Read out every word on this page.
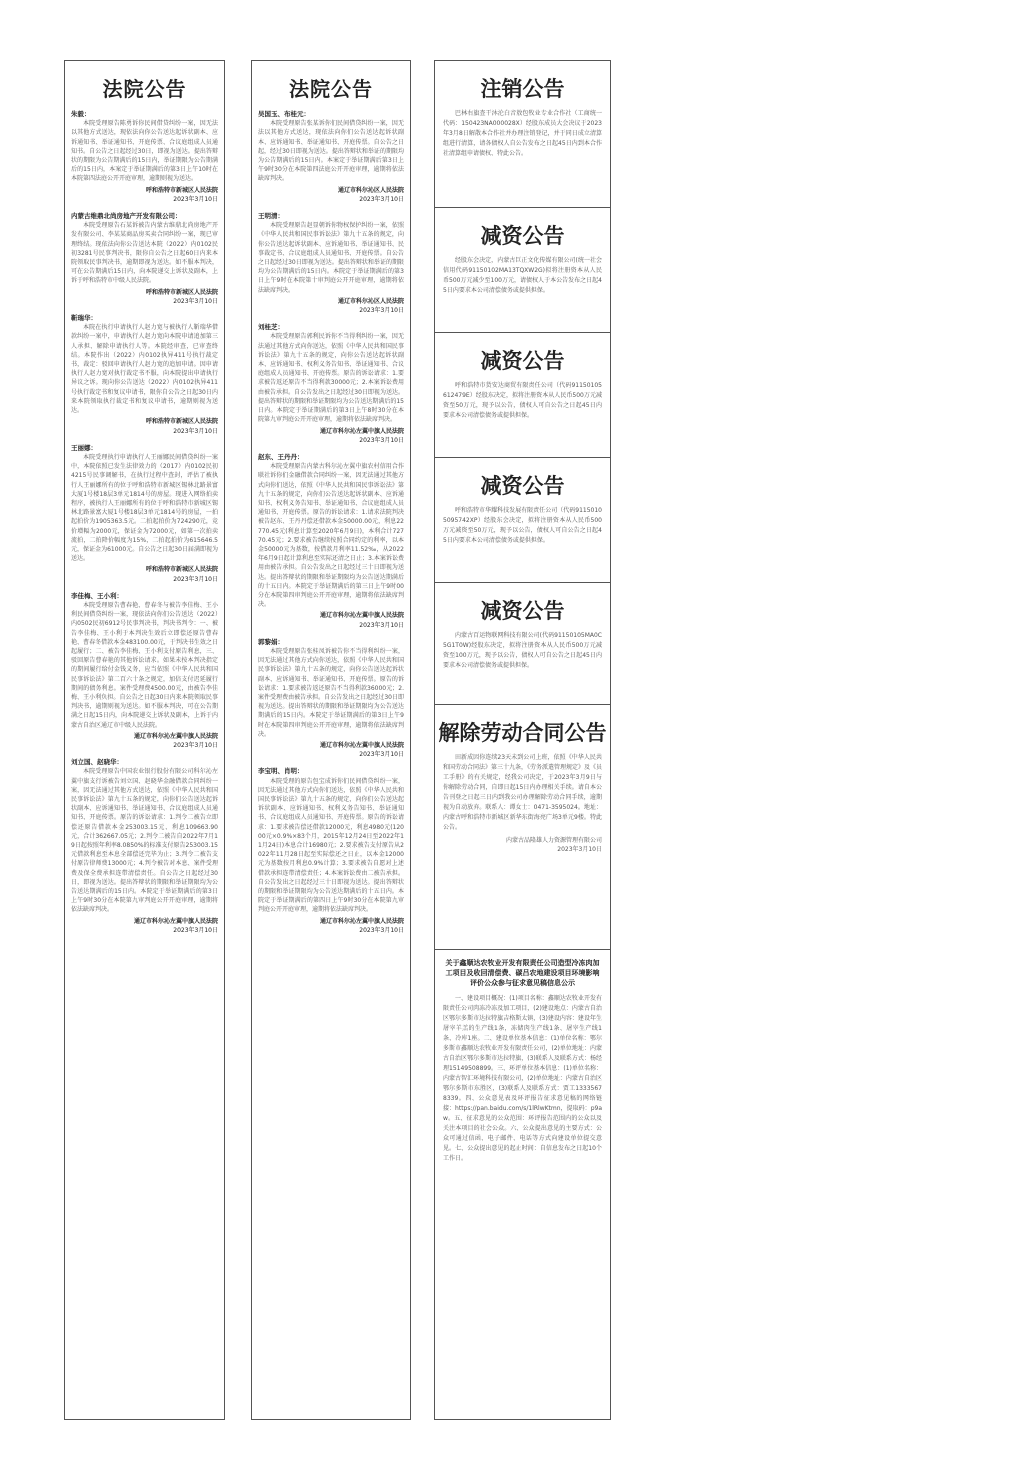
法院公告
朱毅：
本院受理原告陈勇诉你民间借贷纠纷一案，因无法以其他方式送达，现依法向你公告送达起诉状副本、应诉通知书、举证通知书、开庭传票、合议庭组成人员通知书。自公告之日起经过30日，即视为送达。提出答辩状的期限为公告期满后的15日内，举证期限为公告期满后的15日内，本案定于举证期满后的第3日上午10时在本院第四法庭公开开庭审理，逾期则视为送达。
呼和浩特市新城区人民法院
2023年3月10日
内蒙古维鼎北尚房地产开发有限公司：
本院受理原告石某诉被告内蒙古维鼎北尚房地产开发有限公司、李某某商品房买卖合同纠纷一案，现已审理终结。现依法向你公告送达本院（2022）内0102民初3281号民事判决书，限你自公告之日起60日内来本院领取民事判决书，逾期即视为送达。如不服本判决，可在公告期满后15日内，向本院递交上诉状及副本，上诉于呼和浩特市中级人民法院。
呼和浩特市新城区人民法院
2023年3月10日
靳瑞华：
本院在执行申请执行人赵力宽与被执行人靳瑞华借款纠纷一案中，申请执行人赵力宽向本院申请追加第三人承担、解除申请执行人等。本院经审查，已审查终结。本院作出（2022）内0102执异411号执行裁定书，裁定：驳回申请执行人赵力宽的追加申请。因申请执行人赵力宽对执行裁定书不服，向本院提出申请执行异议之诉。现向你公告送达（2022）内0102执异411号执行裁定书和复议申请书，限你自公告之日起30日内来本院领取执行裁定书和复议申请书，逾期则视为送达。
呼和浩特市新城区人民法院
2023年3月10日
王丽娜：
本院受理执行申请执行人王丽娜民间借贷纠纷一案中，本院依照已发生法律效力的（2017）内0102民初4215号民事调解书，在执行过程中查封，评估了被执行人王丽娜所有的位于呼和浩特市新城区锡林北路景富大厦1号楼18层3单元1814号的房屋。现进入网络拍卖程序，被执行人王丽娜所有的位于呼和浩特市新城区锡林北路景富大厦1号楼18层3单元1814号的房屋，一拍起拍价为1905363.5元。二拍起拍价为724290元，竞价增幅为2000元，保证金为72000元，如第一次拍卖流拍，二拍降价幅度为15%，二拍起拍价为615646.5元，保证金为61000元。自公告之日起30日届满即视为送达。
呼和浩特市新城区人民法院
2023年3月10日
李佳梅、王小利：
本院受理原告曹春艳、曹春冬与被告李佳梅、王小利民间借贷纠纷一案，现依法向你们公告送达（2022）内0502民初6912号民事判决书，判决书判令：一、被告李佳梅、王小利于本判决生效后立即偿还原告曹春艳、曹春冬借款本金483100.00元，于判决书生效之日起履行；二、被告李佳梅、王小利支付原告利息，三、驳回原告曹春艳的其他诉讼请求。如果未按本判决指定的期间履行给付金钱义务，应当依照《中华人民共和国民事诉讼法》第二百六十条之规定，加倍支付迟延履行期间的债务利息。案件受理费4500.00元，由被告李佳梅、王小利负担。自公告之日起30日内来本院领取民事判决书，逾期则视为送达。如不服本判决，可在公告期满之日起15日内，向本院递交上诉状及副本，上诉于内蒙古自治区通辽市中级人民法院。
通辽市科尔沁左翼中旗人民法院
2023年3月10日
刘立国、赵晓华：
本院受理原告中国农业银行股份有限公司科尔沁左翼中旗支行诉被告刘立国、赵晓华金融借款合同纠纷一案，因无法通过其他方式送达，依照《中华人民共和国民事诉讼法》第九十五条的规定，向你们公告送达起诉状副本、应诉通知书、举证通知书、合议庭组成人员通知书、开庭传票。原告的诉讼请求：1.判令二被告立即偿还原告借款本金253003.15元、利息109663.90元，合计362667.05元；2.判令二被告自2022年7月19日起按照年利率8.0850%的标准支付原告253003.15元借款利息至本息全部偿还完毕为止；3.判令二被告支付原告律师费13000元；4.判令被告对本息、案件受理费及保全费承担连带清偿责任。自公告之日起经过30日，即视为送达。提出答辩状的期限和举证期限均为公告送达期满后的15日内。本院定于举证期满后的第3日上午9时30分在本院第九审判庭公开开庭审理，逾期将依法缺席判决。
通辽市科尔沁左翼中旗人民法院
2023年3月10日
法院公告
吴国玉、布桂元：
本院受理原告张某诉你们民间借贷纠纷一案，因无法以其他方式送达，现依法向你们公告送达起诉状副本、应诉通知书、举证通知书、开庭传票。自公告之日起，经过30日即视为送达。提出答辩状和举证的期限均为公告期满后的15日内。本案定于举证期满后第3日上午9时30分在本院第四法庭公开开庭审理，逾期将依法缺席判决。
通辽市科尔沁区人民法院
2023年3月10日
王明清：
本院受理原告赵显朝诉你物权保护纠纷一案，依照《中华人民共和国民事诉讼法》第九十五条的规定，向你公告送达起诉状副本、应诉通知书、举证通知书、民事裁定书、合议庭组成人员通知书、开庭传票。自公告之日起经过30日即视为送达。提出答辩状和举证的期限均为公告期满后的15日内。本院定于举证期满后的第3日上午9时在本院第十审判庭公开开庭审理，逾期将依法缺席判决。
通辽市科尔沁区人民法院
2023年3月10日
刘桂芝：
本院受理原告郭利民诉你不当得利纠纷一案，因无法通过其他方式向你送达，依照《中华人民共和国民事诉讼法》第九十五条的规定，向你公告送达起诉状副本、应诉通知书、权利义务告知书、举证通知书、合议庭组成人员通知书、开庭传票。原告的诉讼请求：1.要求被告返还原告不当得利款30000元；2.本案诉讼费用由被告承担。自公告发出之日起经过30日即视为送达。提出答辩状的期限和举证期限均为公告送达期满后的15日内。本院定于举证期满后的第3日上午8时30分在本院第九审判庭公开开庭审理，逾期将依法缺席判决。
通辽市科尔沁左翼中旗人民法院
2023年3月10日
赵东、王丹丹：
本院受理原告内蒙古科尔沁左翼中旗农村信用合作联社诉你们金融借款合同纠纷一案，因无法通过其他方式向你们送达，依照《中华人民共和国民事诉讼法》第九十五条的规定，向你们公告送达起诉状副本、应诉通知书、权利义务告知书、举证通知书、合议庭组成人员通知书、开庭传票。原告的诉讼请求：1.请求法院判决被告赵东、王丹丹偿还借款本金50000.00元，利息22770.45元(利息计算至2020年6月9日)，本利合计72770.45元；2.要求被告继续按照合同约定的利率，以本金50000元为基数，按借款月利率11.52‰，从2022年6月9日起计算利息至实际还清之日止；3.本案诉讼费用由被告承担。自公告发出之日起经过三十日即视为送达。提出答辩状的期限和举证期限均为公告送达期满后的十五日内。本院定于举证期满后的第三日上午9时00分在本院第四审判庭公开开庭审理，逾期将依法缺席判决。
通辽市科尔沁左翼中旗人民法院
2023年3月10日
郭黎娟：
本院受理原告张桂凤诉被告你不当得利纠纷一案，因无法通过其他方式向你送达，依照《中华人民共和国民事诉讼法》第九十五条的规定，向你公告送达起诉状副本、应诉通知书、举证通知书、开庭传票。原告的诉讼请求：1.要求被告返还原告不当得利款36000元；2.案件受理费由被告承担。自公告发出之日起经过30日即视为送达。提出答辩状的期限和举证期限均为公告送达期满后的15日内。本院定于举证期满后的第3日上午9时在本院第四审判庭公开开庭审理，逾期将依法缺席判决。
通辽市科尔沁左翼中旗人民法院
2023年3月10日
李宝明、肖明：
本院受理的原告包宝成诉你们民间借贷纠纷一案，因无法通过其他方式向你们送达，依照《中华人民共和国民事诉讼法》第九十五条的规定，向你们公告送达起诉状副本、应诉通知书、权利义务告知书、举证通知书、合议庭组成人员通知书、开庭传票。原告的诉讼请求：1.要求被告偿还借款12000元，利息4980元(12000元×0.9%×83个月，2015年12月24日至2022年11月24日)本息合计16980元；2.要求被告支付原告从2022年11月28日起至实际偿还之日止，以本金12000元为基数按月利息0.9%计算；3.要求被告自愿对上述借款承担连带清偿责任；4.本案诉讼费由二被告承担。自公告发出之日起经过三十日即视为送达。提出答辩状的期限和举证期限均为公告送达期满后的十五日内。本院定于举证期满后的第四日上午9时30分在本院第九审判庭公开开庭审理，逾期将依法缺席判决。
通辽市科尔沁左翼中旗人民法院
2023年3月10日
注销公告
巴林右旗查干沐沦白音敖包牧业专业合作社（工商统一代码：150423NA000028X）经股东成员大会决议于2023年3月8日解散本合作社并办理注销登记，并于同日成立清算组进行清算，请各债权人自公告发布之日起45日内到本合作社清算组申请债权、特此公告。
减资公告
经股东会决定，内蒙古巨正文化传媒有限公司(统一社会信用代码91150102MA13TQXW2G)拟将注册资本从人民币500万元减少至100万元，请债权人于本公告发布之日起45日内要求本公司清偿债务或提供担保。
减资公告
呼和浩特市货安达商贸有限责任公司（代码91150105612479E）经股东决定，拟将注册资本从人民币500万元减资至50万元，现予以公告，债权人可自公告之日起45日内要求本公司清偿债务或提供担保。
减资公告
呼和浩特市华耀科技发展有限责任公司（代码91150105095742XP）经股东会决定，拟将注册资本从人民币500万元减资至50万元，现予以公告，债权人可自公告之日起45日内要求本公司清偿债务或提供担保。
减资公告
内蒙古百运物联网科技有限公司(代码91150105MA0C5G1T0W)经股东决定，拟将注册资本从人民币500万元减资至100万元，现予以公告，债权人可自公告之日起45日内要求本公司清偿债务或提供担保。
解除劳动合同公告
田新成因你连续23天未到公司上班，依照《中华人民共和国劳动合同法》第三十九条，《劳务派遣管理规定》及《员工手册》的有关规定，经我公司决定，于2023年3月9日与你解除劳动合同，自即日起15日内办理相关手续。请自本公告刊登之日起三日内到我公司办理解除劳动合同手续，逾期视为自动放弃。联系人：谭女士：0471-3595024。地址：内蒙古呼和浩特市新城区新华东街海亮广场3单元9楼。特此公告。
内蒙古品隆雄人力资源管理有限公司
2023年3月10日
关于鑫顺达农牧业开发有限责任公司造型冷冻肉加工项目及收回清偿费、碳吕农地建设项目环境影响评价公众参与征求意见稿信息公示
一、建设项目概况：(1)项目名称：鑫顺达农牧业开发有限责任公司肉冻冷冻及加工项目，(2)建设地点：内蒙古自治区鄂尔多斯市达拉特旗吉格斯太镇，(3)建设内容：建设年生屠宰羊羔的生产线1条，冻储肉生产线1条、屠宰生产线1条、冷库1座。二、建设单位基本信息：(1)单位名称：鄂尔多斯市鑫顺达农牧业开发有限责任公司，(2)单位地址：内蒙古自治区鄂尔多斯市达拉特旗，(3)联系人及联系方式：杨经理15149508899。三、环评单位基本信息：(1)单位名称：内蒙古智汇环境科技有限公司，(2)单位地址：内蒙古自治区鄂尔多斯市东胜区，(3)联系人及联系方式：贾工13335678339。四、公众意见表及环评报告征求意见稿的网络链接：https://pan.baidu.com/s/1lRlwKtmn，提取码：p9aw。五、征求意见的公众范围：环评报告范围内的公众以及关注本项目的社会公众。六、公众提出意见的主要方式：公众可通过信函、电子邮件、电话等方式向建设单位提交意见。七、公众提出意见的起止时间：自信息发布之日起10个工作日。
